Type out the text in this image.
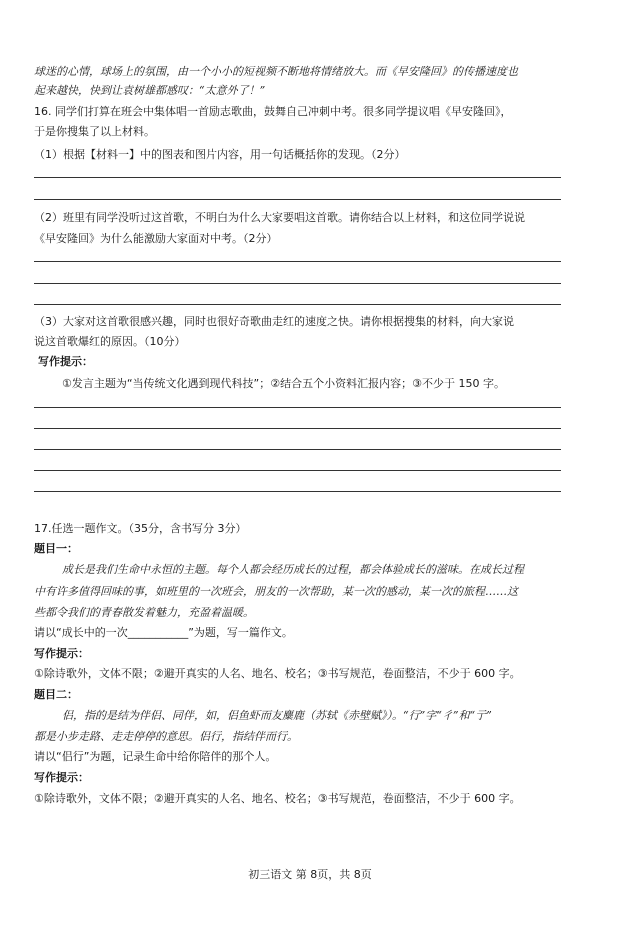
球迷的心情，球场上的氛围，由一个小小的短视频不断地将情绪放大。而《早安隆回》的传播速度也
起来越快，快到让袁树雄都感叹：“太意外了！”
16. 同学们打算在班会中集体唱一首励志歌曲，鼓舞自己冲刺中考。很多同学提议唱《早安隆回》，
于是你搜集了以上材料。
（1）根据【材料一】中的图表和图片内容，用一句话概括你的发现。（2分）
（2）班里有同学没听过这首歌，不明白为什么大家要唱这首歌。请你结合以上材料，和这位同学说说
《早安隆回》为什么能激励大家面对中考。（2分）
（3）大家对这首歌很感兴趣，同时也很好奇歌曲走红的速度之快。请你根据搜集的材料，向大家说
说这首歌爆红的原因。（10分）
写作提示：
①发言主题为“当传统文化遇到现代科技”；②结合五个小资料汇报内容；③不少于 150 字。
17.任选一题作文。（35分，含书写分 3分）
题目一：
成长是我们生命中永恒的主题。每个人都会经历成长的过程，都会体验成长的滋味。在成长过程
中有许多值得回味的事，如班里的一次班会，朋友的一次帮助，某一次的感动，某一次的旅程……这
些都令我们的青春散发着魅力，充盈着温暖。
请以“成长中的一次___________”为题，写一篇作文。
写作提示：
①除诗歌外，文体不限；②避开真实的人名、地名、校名；③书写规范，卷面整洁，不少于 600 字。
题目二：
侣，指的是结为伴侣、同伴，如，侣鱼虾而友麋鹿（苏轼《赤壁赋》）。“行”字“彳”和“亍”
都是小步走路、走走停停的意思。侣行，指结伴而行。
请以“侣行”为题，记录生命中给你陪伴的那个人。
写作提示：
①除诗歌外，文体不限；②避开真实的人名、地名、校名；③书写规范，卷面整洁，不少于 600 字。
初三语文 第 8页，共 8页
